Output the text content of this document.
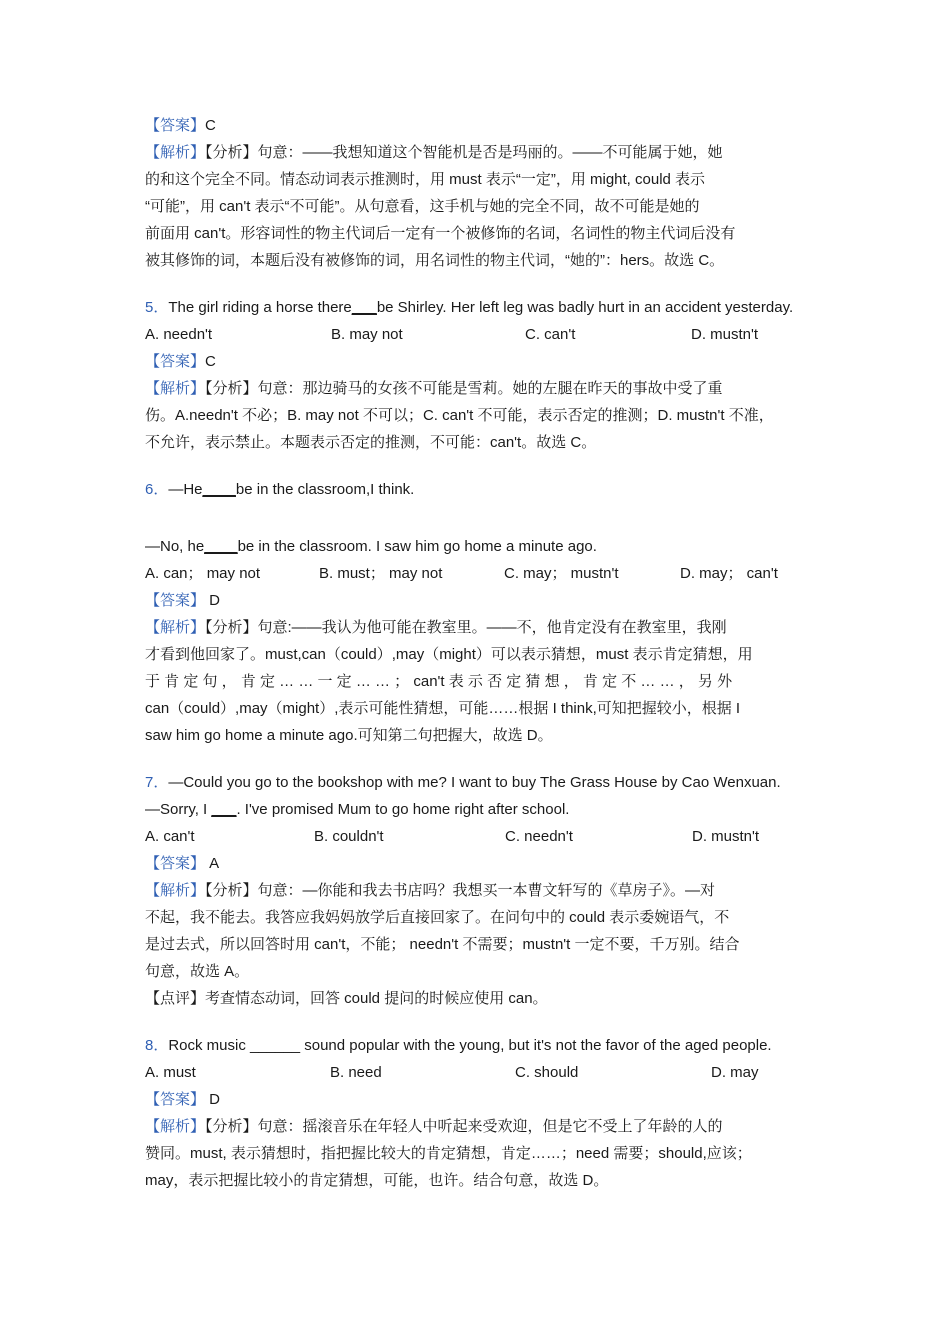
【答案】C
【解析】【分析】句意：——我想知道这个智能机是否是玛丽的。——不可能属于她，她
的和这个完全不同。情态动词表示推测时，用 must 表示“一定”，用 might, could 表示
“可能”，用 can't 表示“不可能”。从句意看，这手机与她的完全不同，故不可能是她的
前面用 can't。形容词性的物主代词后一定有一个被修饰的名词，名词性的物主代词后没有
被其修饰的词，本题后没有被修饰的词，用名词性的物主代词，“她的”：hers。故选 C。
5．The girl riding a horse there___be Shirley. Her left leg was badly hurt in an accident yesterday.
A. needn't	B. may not	C. can't	D. mustn't
【答案】C
【解析】【分析】句意：那边骑马的女孩不可能是雪莉。她的左腿在昨天的事故中受了重
伤。A.needn't 不必；B. may not 不可以；C. can't 不可能，表示否定的推测；D. mustn't 不准，
不允许，表示禁止。本题表示否定的推测，不可能：can't。故选 C。
6．—He____be in the classroom,I think.
—No, he____be in the classroom. I saw him go home a minute ago.
A. can； may not	B. must； may not	C. may； mustn't	D. may； can't
【答案】 D
【解析】【分析】句意:——我认为他可能在教室里。——不，他肯定没有在教室里，我刚
才看到他回家了。must,can（could）,may（might）可以表示猜想，must 表示肯定猜想，用
于 肯 定 句 ， 肯 定 … … 一 定 … … ； can't 表 示 否 定 猜 想 ， 肯 定 不 … … ， 另 外
can（could）,may（might）,表示可能性猜想，可能……根据 I think,可知把握较小，根据 I
saw him go home a minute ago.可知第二句把握大，故选 D。
7．—Could you go to the bookshop with me? I want to buy The Grass House by Cao Wenxuan.
—Sorry, I ___. I've promised Mum to go home right after school.
A. can't	B. couldn't	C. needn't	D. mustn't
【答案】 A
【解析】【分析】句意：—你能和我去书店吗？我想买一本曹文轩写的《草房子》。—对
不起，我不能去。我答应我妈妈放学后直接回家了。在问句中的 could 表示委婉语气，不
是过去式，所以回答时用 can't，不能； needn't 不需要；mustn't 一定不要，千万别。结合
句意，故选 A。
【点评】考查情态动词，回答 could 提问的时候应使用 can。
8．Rock music ______ sound popular with the young, but it's not the favor of the aged people.
A. must	B. need	C. should	D. may
【答案】 D
【解析】【分析】句意：摇滚音乐在年轻人中听起来受欢迎，但是它不受上了年龄的人的
赞同。must, 表示猜想时，指把握比较大的肯定猜想，肯定……；need 需要；should,应该；
may，表示把握比较小的肯定猜想，可能，也许。结合句意，故选 D。
